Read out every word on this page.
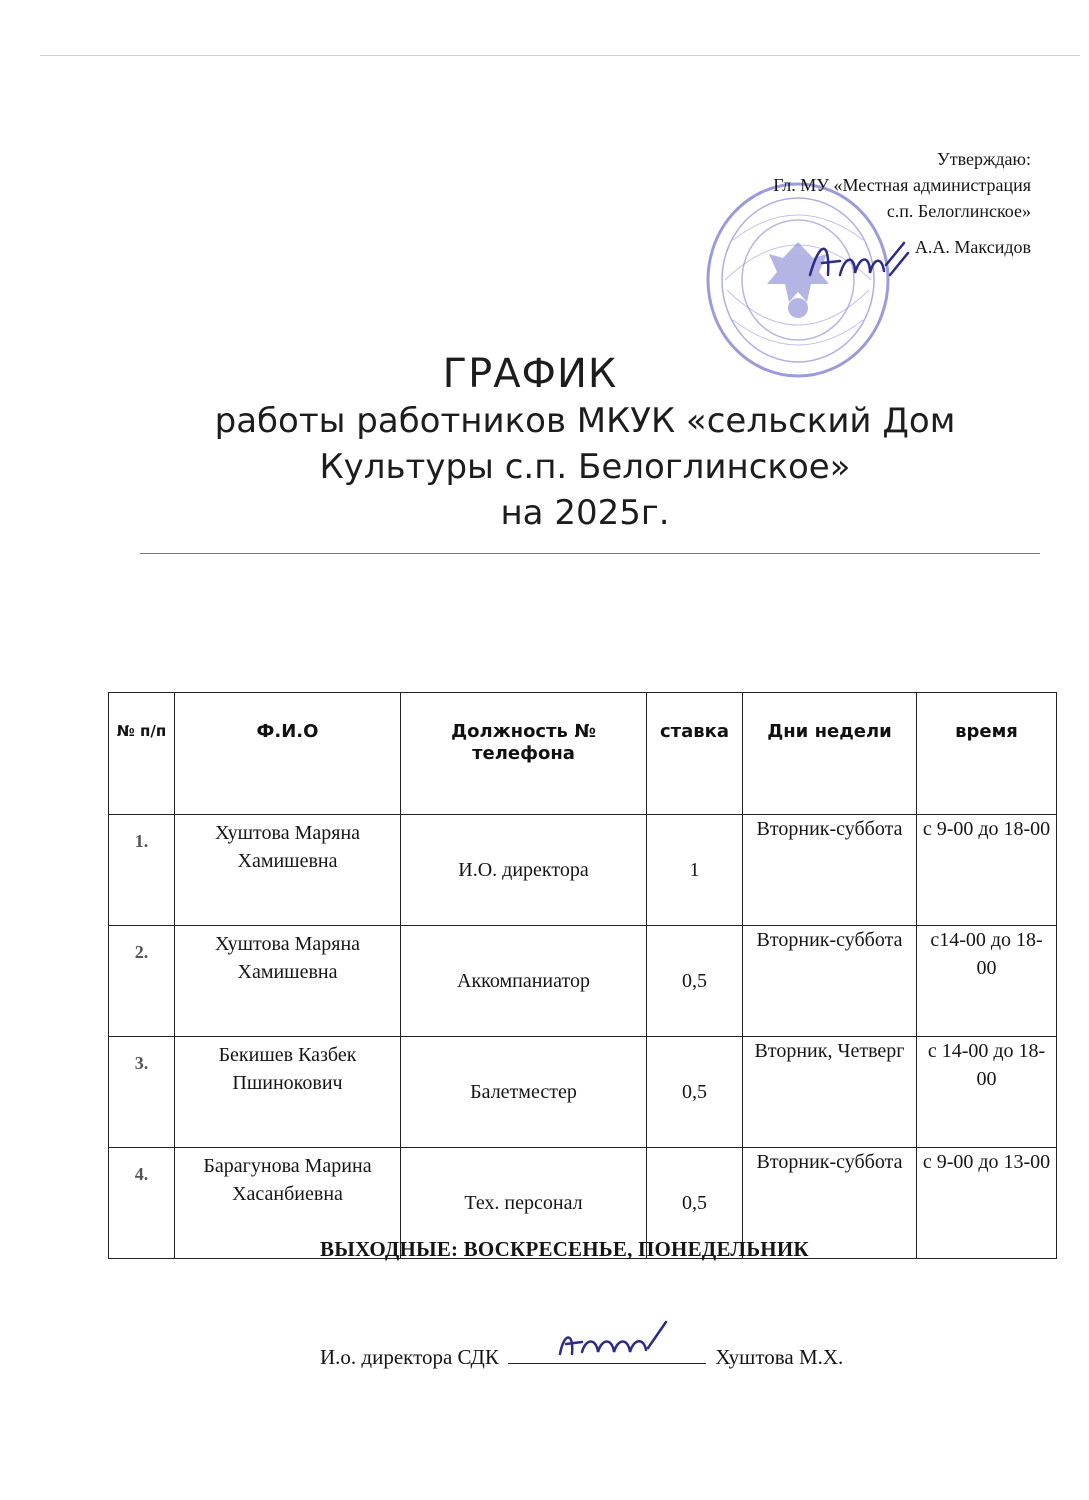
Утверждаю:
Гл. МУ «Местная администрация
с.п. Белоглинское»
А.А. Максидов
ГРАФИК
работы работников МКУК «сельский Дом
Культуры с.п. Белоглинское»
на 2025г.
№ п/п	Ф.И.О	Должность № телефона	ставка	Дни недели	время
1.	Хуштова Маряна Хамишевна	И.О. директора	1	Вторник-суббота	с 9-00 до 18-00
2.	Хуштова Маряна Хамишевна	Аккомпаниатор	0,5	Вторник-суббота	с14-00 до 18-00
3.	Бекишев Казбек Пшинокович	Балетместер	0,5	Вторник, Четверг	с 14-00 до 18-00
4.	Барагунова Марина Хасанбиевна	Тех. персонал	0,5	Вторник-суббота	с 9-00 до 13-00
ВЫХОДНЫЕ: ВОСКРЕСЕНЬЕ, ПОНЕДЕЛЬНИК
И.о. директора СДК	Хуштова М.Х.
